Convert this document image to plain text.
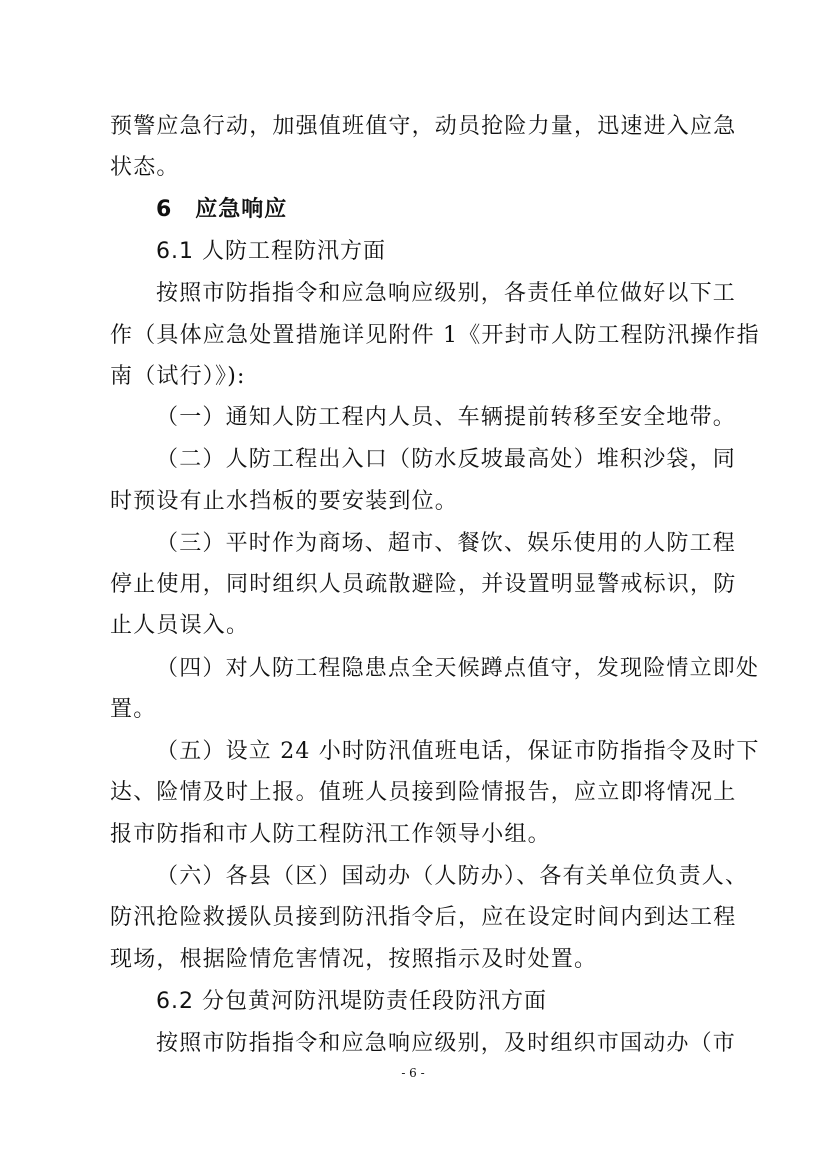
预警应急行动，加强值班值守，动员抢险力量，迅速进入应急
状态。
6　应急响应
6.1 人防工程防汛方面
按照市防指指令和应急响应级别，各责任单位做好以下工
作（具体应急处置措施详见附件 1《开封市人防工程防汛操作指
南（试行）》):
（一）通知人防工程内人员、车辆提前转移至安全地带。
（二）人防工程出入口（防水反坡最高处）堆积沙袋，同
时预设有止水挡板的要安装到位。
（三）平时作为商场、超市、餐饮、娱乐使用的人防工程
停止使用，同时组织人员疏散避险，并设置明显警戒标识，防
止人员误入。
（四）对人防工程隐患点全天候蹲点值守，发现险情立即处
置。
（五）设立 24 小时防汛值班电话，保证市防指指令及时下
达、险情及时上报。值班人员接到险情报告，应立即将情况上
报市防指和市人防工程防汛工作领导小组。
（六）各县（区）国动办（人防办）、各有关单位负责人、
防汛抢险救援队员接到防汛指令后，应在设定时间内到达工程
现场，根据险情危害情况，按照指示及时处置。
6.2 分包黄河防汛堤防责任段防汛方面
按照市防指指令和应急响应级别，及时组织市国动办（市
- 6 -
